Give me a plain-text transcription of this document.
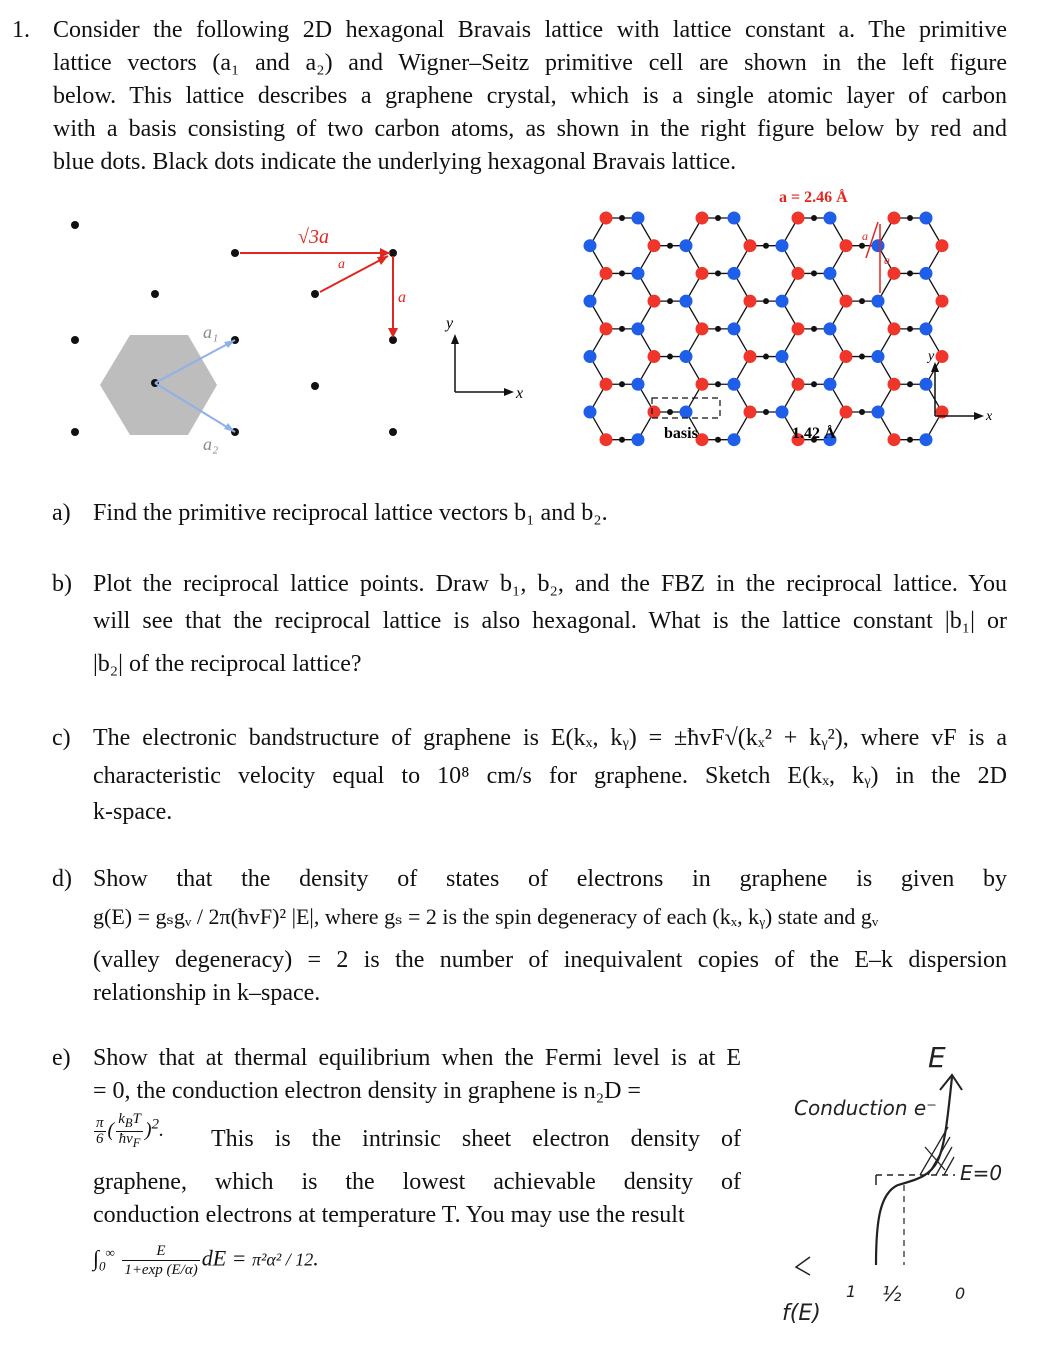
1. Consider the following 2D hexagonal Bravais lattice with lattice constant a. The primitive
lattice vectors (a₁ and a₂) and Wigner–Seitz primitive cell are shown in the left figure
below. This lattice describes a graphene crystal, which is a single atomic layer of carbon
with a basis consisting of two carbon atoms, as shown in the right figure below by red and
blue dots. Black dots indicate the underlying hexagonal Bravais lattice.
a₁
a₂
√3a
a
a
y
x
a
a
a = 2.46 Å
basis	1.42 Å
y
x
a) Find the primitive reciprocal lattice vectors b₁ and b₂.
b) Plot the reciprocal lattice points. Draw b₁, b₂, and the FBZ in the reciprocal lattice. You
will see that the reciprocal lattice is also hexagonal. What is the lattice constant |b₁| or
|b₂| of the reciprocal lattice?
c) The electronic bandstructure of graphene is E(kₓ, kᵧ) = ±ħvF√(kₓ² + kᵧ²), where vF is a
characteristic velocity equal to 10⁸ cm/s for graphene. Sketch E(kₓ, kᵧ) in the 2D
k-space.
d) Show that the density of states of electrons in graphene is given by
g(E) = gₛgᵥ / 2π(ħvF)² |E|, where gₛ = 2 is the spin degeneracy of each (kₓ, kᵧ) state and gᵥ
(valley degeneracy) = 2 is the number of inequivalent copies of the E–k dispersion
relationship in k–space.
e) Show that at thermal equilibrium when the Fermi level is at E
= 0, the conduction electron density in graphene is n₂D =
$\frac{\pi}{6}$ ( $\frac{k_BT}{ħv_F} )^2$. This is the intrinsic sheet electron density of
graphene, which is the lowest achievable density of
conduction electrons at temperature T. You may use the result
$\int_0^\infty \frac{E}{1+\exp (E/\alpha)}$ dE = π²α² / 12.
E
Conduction e⁻
E=0
f(E)
1 ½	0
